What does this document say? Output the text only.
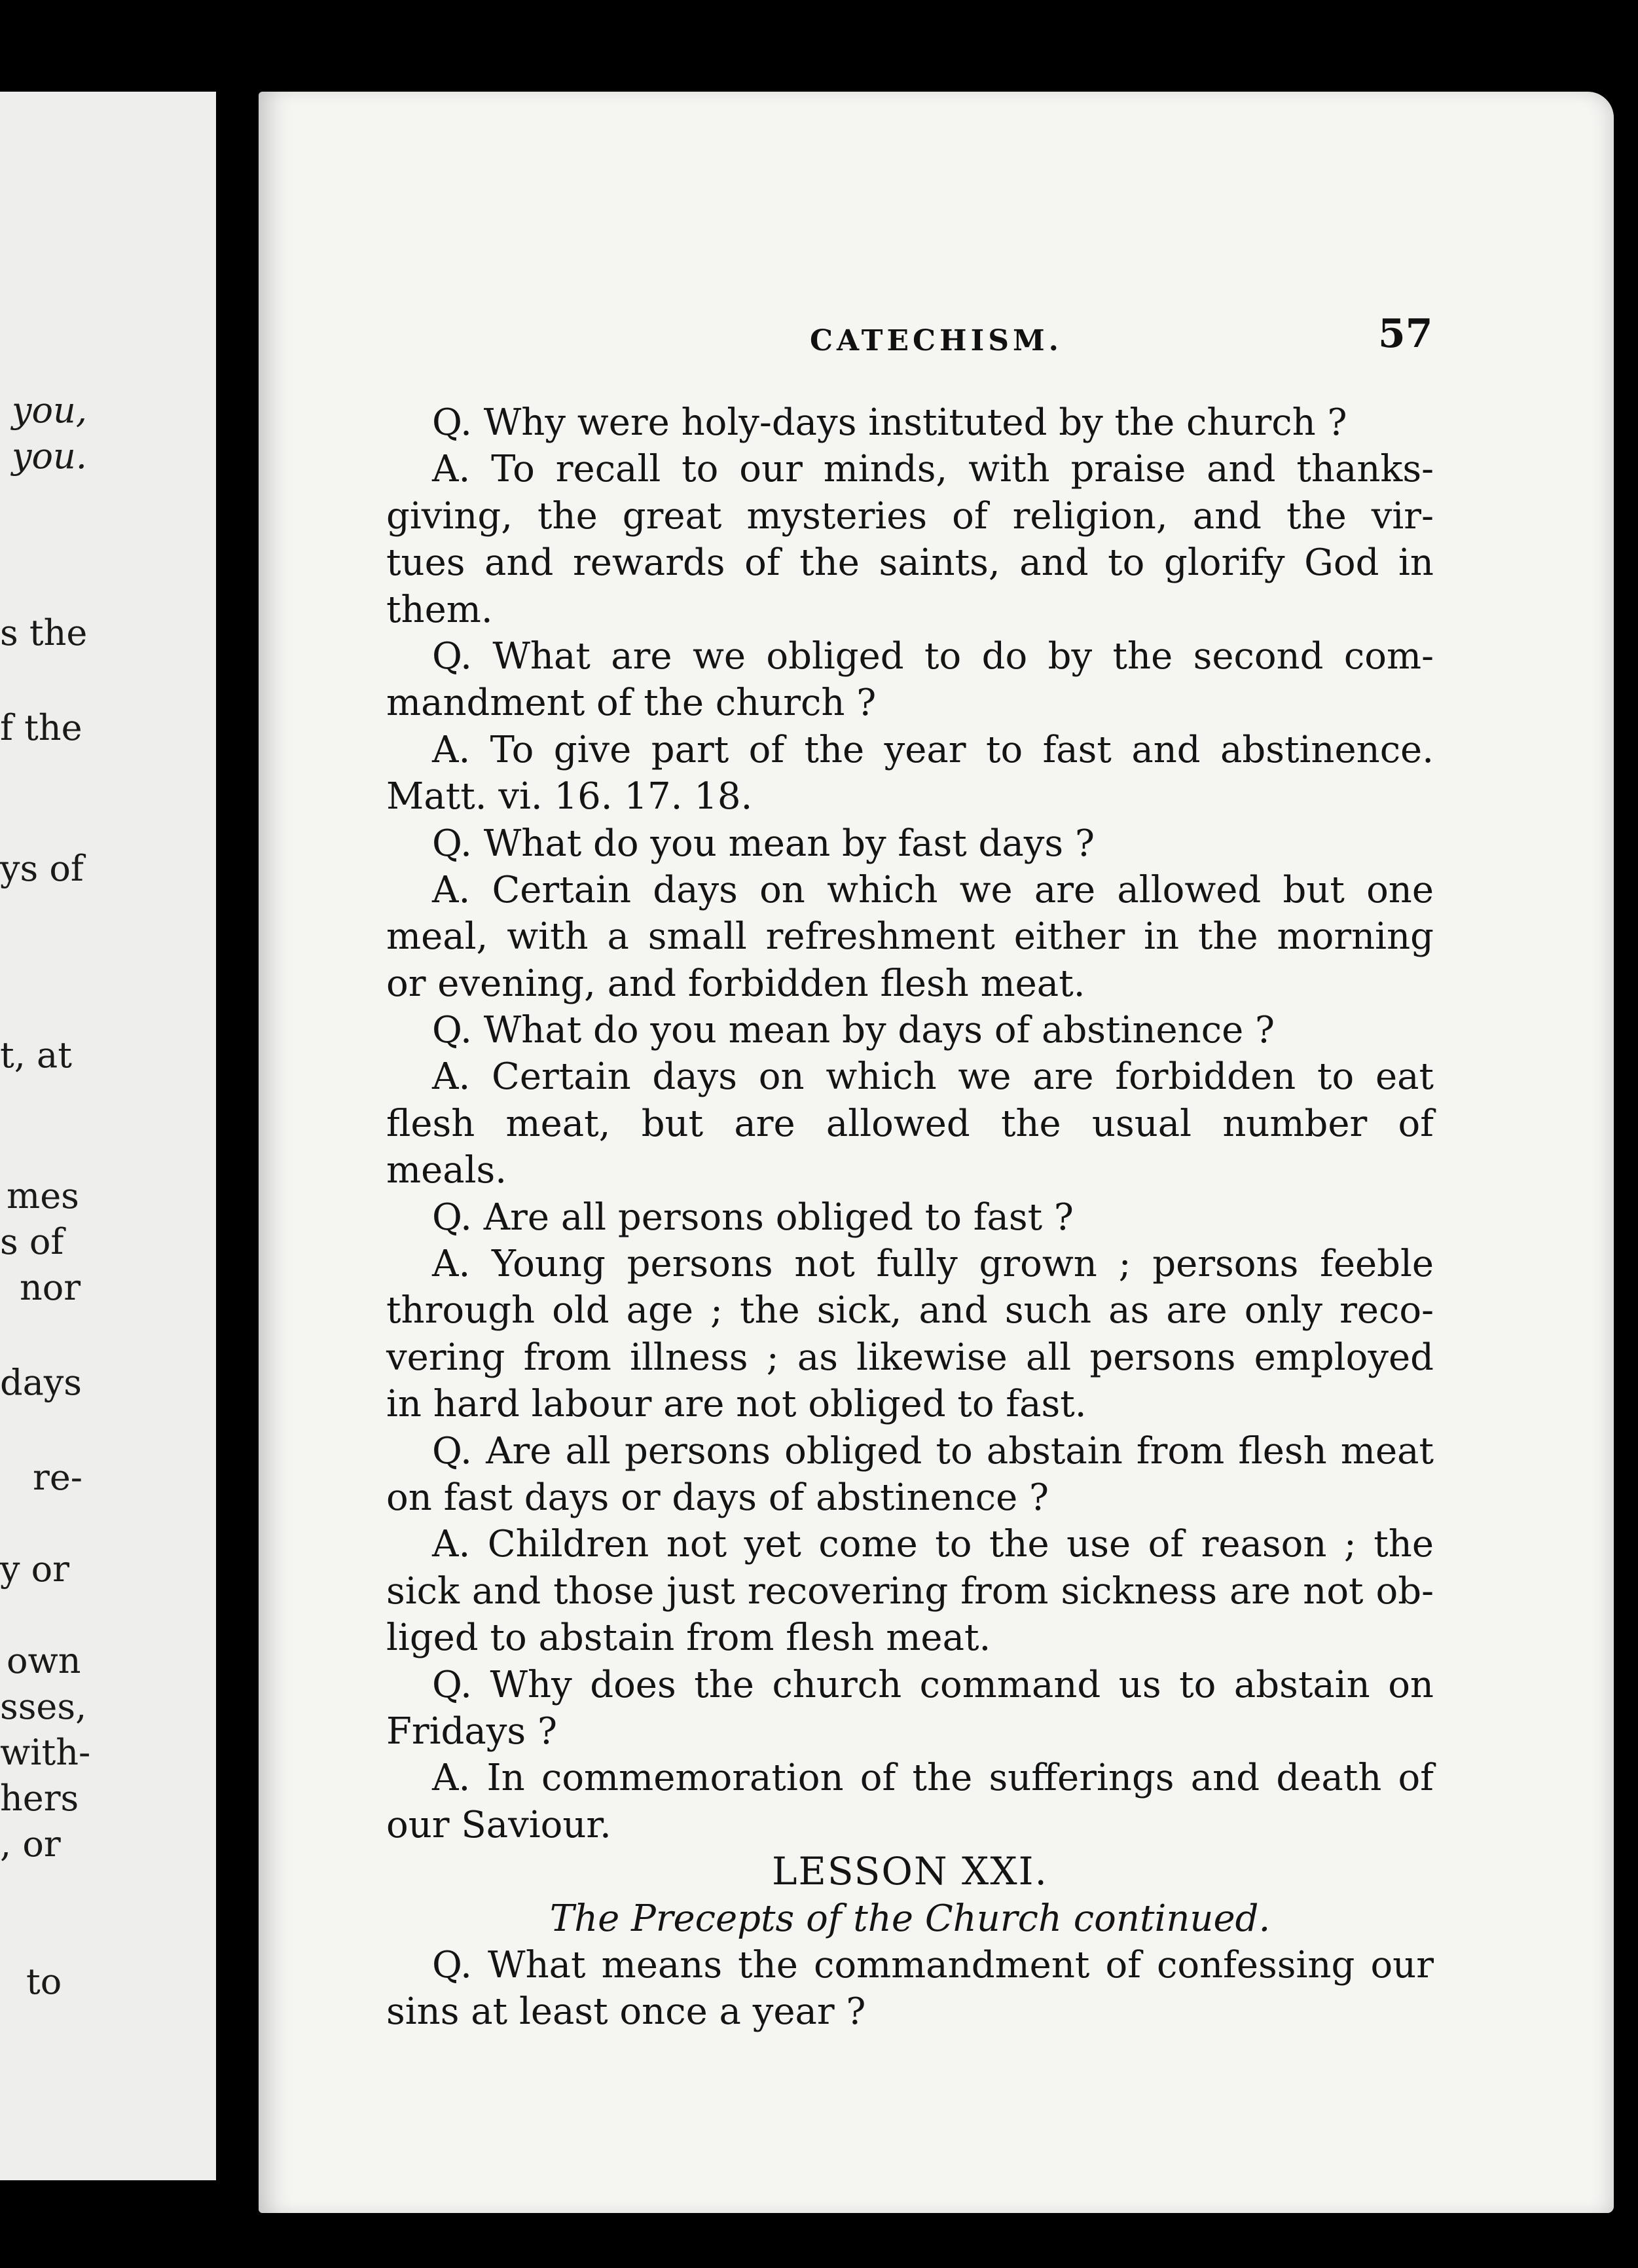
you,
you.
s the
f the
ys of
t, at
mes
s of
nor
days
re-
y or
own
sses,
with-
hers
, or
to
CATECHISM.	57
Q. Why were holy-days instituted by the church ?
A. To recall to our minds, with praise and thanks-
giving, the great mysteries of religion, and the vir-
tues and rewards of the saints, and to glorify God in
them.
Q. What are we obliged to do by the second com-
mandment of the church ?
A. To give part of the year to fast and abstinence.
Matt. vi. 16. 17. 18.
Q. What do you mean by fast days ?
A. Certain days on which we are allowed but one
meal, with a small refreshment either in the morning
or evening, and forbidden flesh meat.
Q. What do you mean by days of abstinence ?
A. Certain days on which we are forbidden to eat
flesh meat, but are allowed the usual number of
meals.
Q. Are all persons obliged to fast ?
A. Young persons not fully grown ; persons feeble
through old age ; the sick, and such as are only reco-
vering from illness ; as likewise all persons employed
in hard labour are not obliged to fast.
Q. Are all persons obliged to abstain from flesh meat
on fast days or days of abstinence ?
A. Children not yet come to the use of reason ; the
sick and those just recovering from sickness are not ob-
liged to abstain from flesh meat.
Q. Why does the church command us to abstain on
Fridays ?
A. In commemoration of the sufferings and death of
our Saviour.
LESSON XXI.
The Precepts of the Church continued.
Q. What means the commandment of confessing our
sins at least once a year ?
